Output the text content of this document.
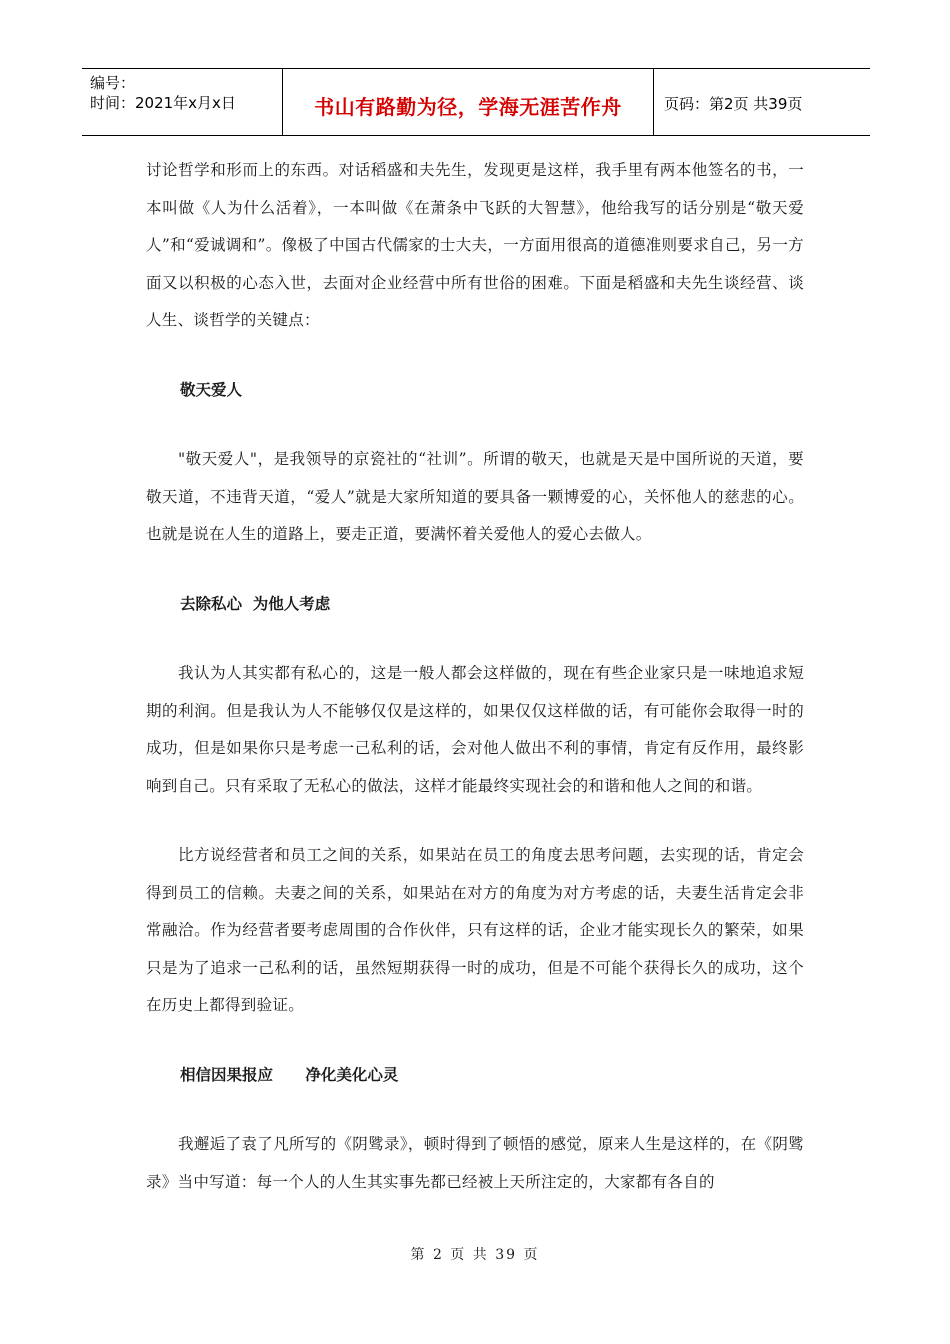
编号：
时间：2021年x月x日	书山有路勤为径，学海无涯苦作舟	页码：第2页 共39页

讨论哲学和形而上的东西。对话稻盛和夫先生，发现更是这样，我手里有两本他签名的书，一本叫做《人为什么活着》，一本叫做《在萧条中飞跃的大智慧》，他给我写的话分别是“敬天爱人”和“爱诚调和”。像极了中国古代儒家的士大夫，一方面用很高的道德准则要求自己，另一方面又以积极的心态入世，去面对企业经营中所有世俗的困难。下面是稻盛和夫先生谈经营、谈人生、谈哲学的关键点：

敬天爱人

"敬天爱人"，是我领导的京瓷社的“社训”。所谓的敬天，也就是天是中国所说的天道，要敬天道，不违背天道，“爱人”就是大家所知道的要具备一颗博爱的心，关怀他人的慈悲的心。也就是说在人生的道路上，要走正道，要满怀着关爱他人的爱心去做人。

去除私心  为他人考虑

我认为人其实都有私心的，这是一般人都会这样做的，现在有些企业家只是一味地追求短期的利润。但是我认为人不能够仅仅是这样的，如果仅仅这样做的话，有可能你会取得一时的成功，但是如果你只是考虑一己私利的话，会对他人做出不利的事情，肯定有反作用，最终影响到自己。只有采取了无私心的做法，这样才能最终实现社会的和谐和他人之间的和谐。

比方说经营者和员工之间的关系，如果站在员工的角度去思考问题，去实现的话，肯定会得到员工的信赖。夫妻之间的关系，如果站在对方的角度为对方考虑的话，夫妻生活肯定会非常融洽。作为经营者要考虑周围的合作伙伴，只有这样的话，企业才能实现长久的繁荣，如果只是为了追求一己私利的话，虽然短期获得一时的成功，但是不可能个获得长久的成功，这个在历史上都得到验证。

相信因果报应      净化美化心灵

我邂逅了袁了凡所写的《阴骘录》，顿时得到了顿悟的感觉，原来人生是这样的，在《阴骘录》当中写道：每一个人的人生其实事先都已经被上天所注定的，大家都有各自的

第 2 页 共 39 页
